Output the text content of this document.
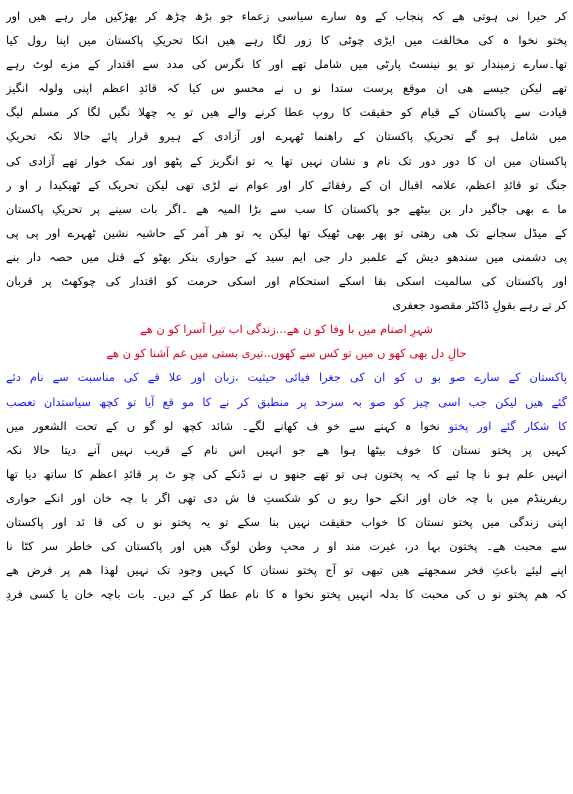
کر حیرا نی ہوتی ھے کہ پنجاب کے وہ سارے سیاسی زعماء جو بڑھ چڑھ کر بھڑکیں مار رہے ھیں اور
پختو نخوا ہ کی مخالفت میں ایڑی چوٹی کا زور لگا رہے ھیں انکا تحریکِ پاکستان میں اپنا رول کیا
تھا۔سارے زمیندار تو یو نینسٹ پارٹی میں شامل تھے اور کا نگرس کی مدد سے اقتدار کے مزے لوٹ رہے
تھے لیکن جیسے ھی ان موقع پرست ستدا نو ں نے محسو س کیا کہ قائدِ اعظم اپنی ولولہ انگیز
قیادت سے پاکستان کے قیام کو حقیقت کا روپ عطا کرنے والے ھیں تو یہ چھلا نگیں لگا کر مسلم لیگ
میں شامل ہو گے تحریکِ پاکستان کے راھنما ٹھہرے اور آزادی کے ہیرو قرار پائے حالا نکہ تحریکِ
پاکستان میں ان کا دور دور تک نام و نشان نہیں تھا یہ تو انگریز کے پٹھو اور نمک خوار تھے آزادی کی
جنگ تو قائدِ اعظم، علامہ اقبال ان کے رفقائے کار اور عوام نے لڑی تھی لیکن تحریک کے ٹھیکیدا ر او ر
ما ے بھی جاگیر دار بن بیٹھے جو پاکستان کا سب سے بڑا المیہ ھے ۔اگر بات سینے پر تحریکِ پاکستان
کے میڈل سجانے تک ھی رھتی تو پھر بھی ٹھیک تھا لیکن یہ تو ھر آمر کے حاشیہ نشین ٹھہرے اور پی پی
پی دشمنی میں سندھو دیش کے علمبر دار جی ایم سید کے حواری بنکر بھٹو کے قتل میں حصہ دار بنے
اور پاکستان کی سالمیت اسکی بقا اسکے استحکام اور اسکی حرمت کو اقتدار کی چوکھٹ پر قربان
کر تے رہے بقولِ ڈاکٹر مقصود جعفری
شہرِ اصنام میں با وفا کو ن ھے...زندگی اب تیرا آسرا کو ن ھے
حالِ دل بھی کھو ں میں تو کس سے کھوں..تیری بستی میں غم آشنا کو ن ھے
پاکستان کے سارے صو بو ں کو ان کی جغرا فیائی حیثیت ،زبان اور علا قے کی مناسبت سے نام دئے
گئے ھیں لیکن جب اسی چیز کو صو بہ سرحد پر منطبق کر نے کا مو قع آیا تو کچھ سیاستدان تعصب
کا شکار گئے اور پختو نخوا ہ کہنے سے خو ف کھانے لگے۔ شائد کچھ لو گو ں کے تحت الشعور میں
کہیں پر پختو نستان کا خوف بیٹھا ہوا ھے جو انہیں اس نام کے قریب نہیں آنے دیتا حالا نکہ
انہیں علم ہو نا چا ئیے کہ یہ پختون ہی تو تھے جنھو ں نے ڈنکے کی چو ٹ پر قائدِ اعظم کا ساتھ دیا تھا
ریفرینڈم میں با چہ خان اور انکے حوا ریو ں کو شکستِ فا ش دی تھی اگر با چہ خان اور انکے حواری
اپنی زندگی میں پختو نستان کا خواب حقیقت نہیں بنا سکے تو یہ پختو نو ں کی قا ئد اور پاکستان
سے محبت ھے۔ پختون بہا در، غیرت مند او ر محبِ وطن لوگ ھیں اور پاکستان کی خاطر سر کٹا نا
اپنے لیئے باعثِ فخر سمجھتے ھیں تبھی تو آج پختو نستان کا کہیں وجود تک نہیں لھذا ھم پر فرض ھے
کہ ھم پختو نو ں کی محبت کا بدلہ انہیں پختو نخوا ہ کا نام عطا کر کے دیں۔ بات باچہ خان یا کسی فردِ
